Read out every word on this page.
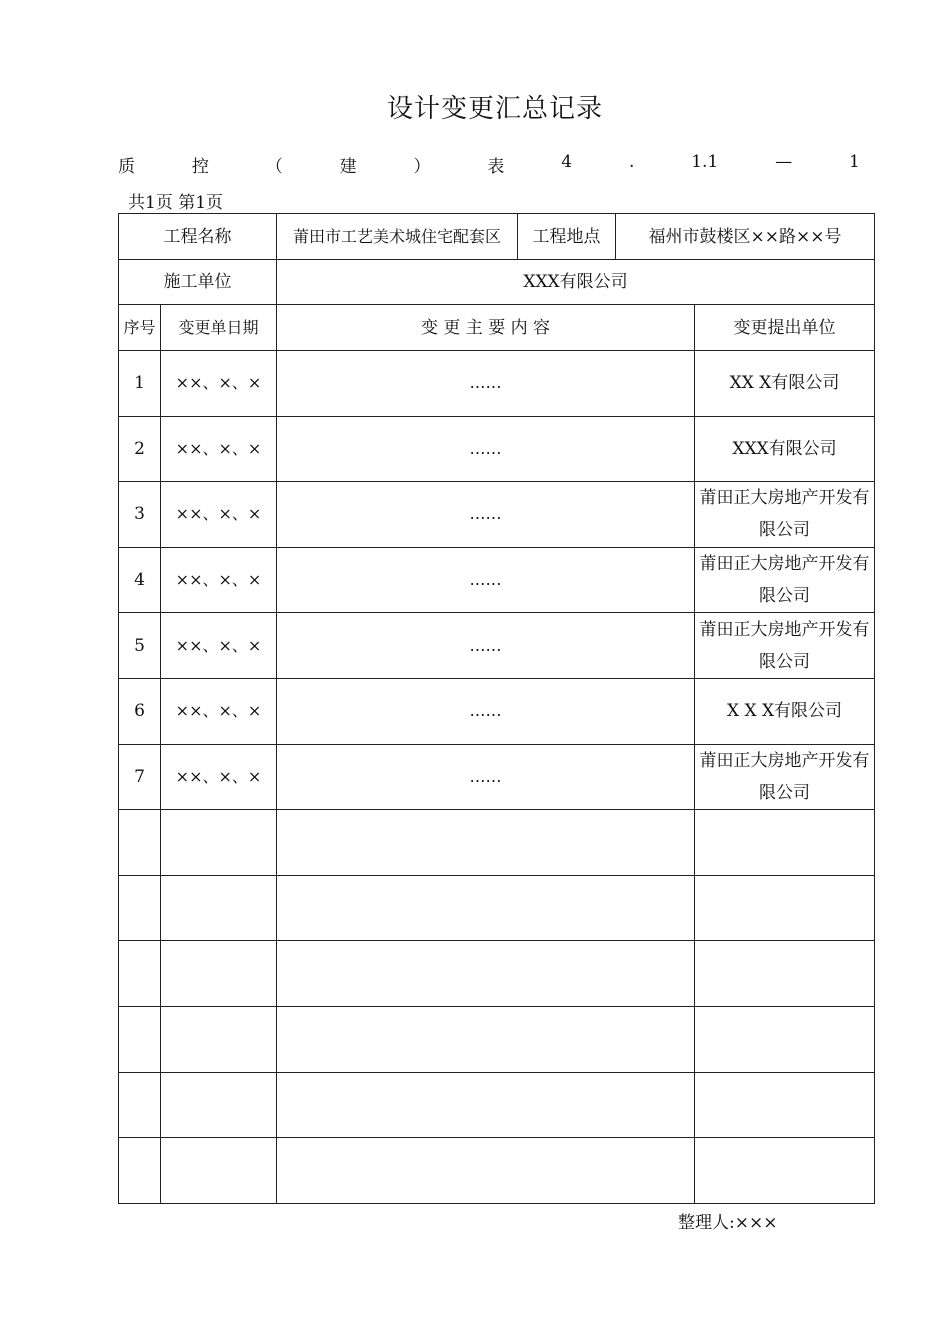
设计变更汇总记录
质	控	（	建	）	表	4	.	1.1	—	1
共1页 第1页
工程名称		莆田市工艺美术城住宅配套区	工程地点	福州市鼓楼区××路××号	
施工单位		XXX有限公司			
序号	变更单日期	变 更 主 要 内 容			变更提出单位
1	××、×、×	……			XX X有限公司
2	××、×、×	……			XXX有限公司
3	××、×、×	……			莆田正大房地产开发有限公司
4	××、×、×	……			莆田正大房地产开发有限公司
5	××、×、×	……			莆田正大房地产开发有限公司
6	××、×、×	……			X X X有限公司
7	××、×、×	……			莆田正大房地产开发有限公司

整理人:×××
